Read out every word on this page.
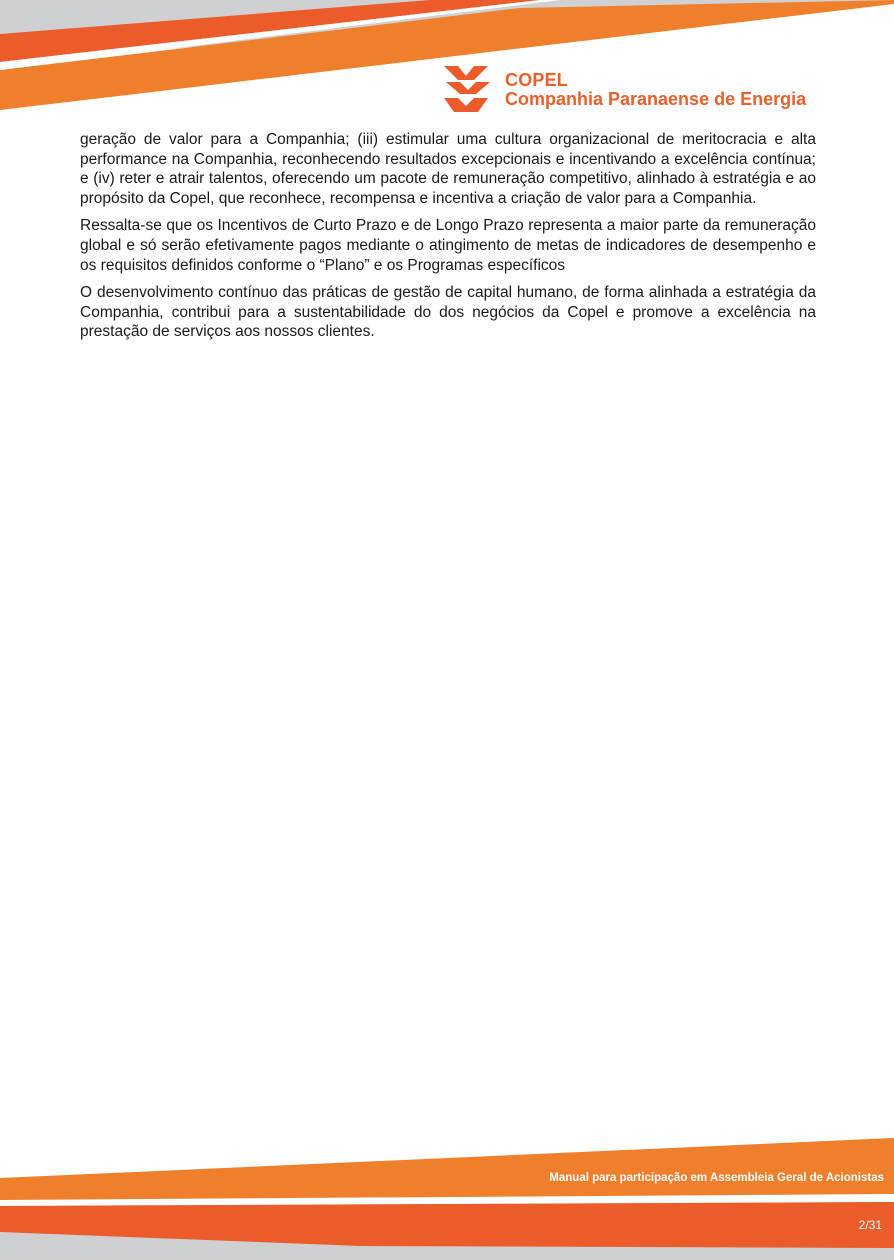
COPEL
Companhia Paranaense de Energia

geração de valor para a Companhia; (iii) estimular uma cultura organizacional de meritocracia e alta performance na Companhia, reconhecendo resultados excepcionais e incentivando a excelência contínua; e (iv) reter e atrair talentos, oferecendo um pacote de remuneração competitivo, alinhado à estratégia e ao propósito da Copel, que reconhece, recompensa e incentiva a criação de valor para a Companhia.

Ressalta-se que os Incentivos de Curto Prazo e de Longo Prazo representa a maior parte da remuneração global e só serão efetivamente pagos mediante o atingimento de metas de indicadores de desempenho e os requisitos definidos conforme o “Plano” e os Programas específicos

O desenvolvimento contínuo das práticas de gestão de capital humano, de forma alinhada a estratégia da Companhia, contribui para a sustentabilidade do dos negócios da Copel e promove a excelência na prestação de serviços aos nossos clientes.

Manual para participação em Assembleia Geral de Acionistas
2/31
